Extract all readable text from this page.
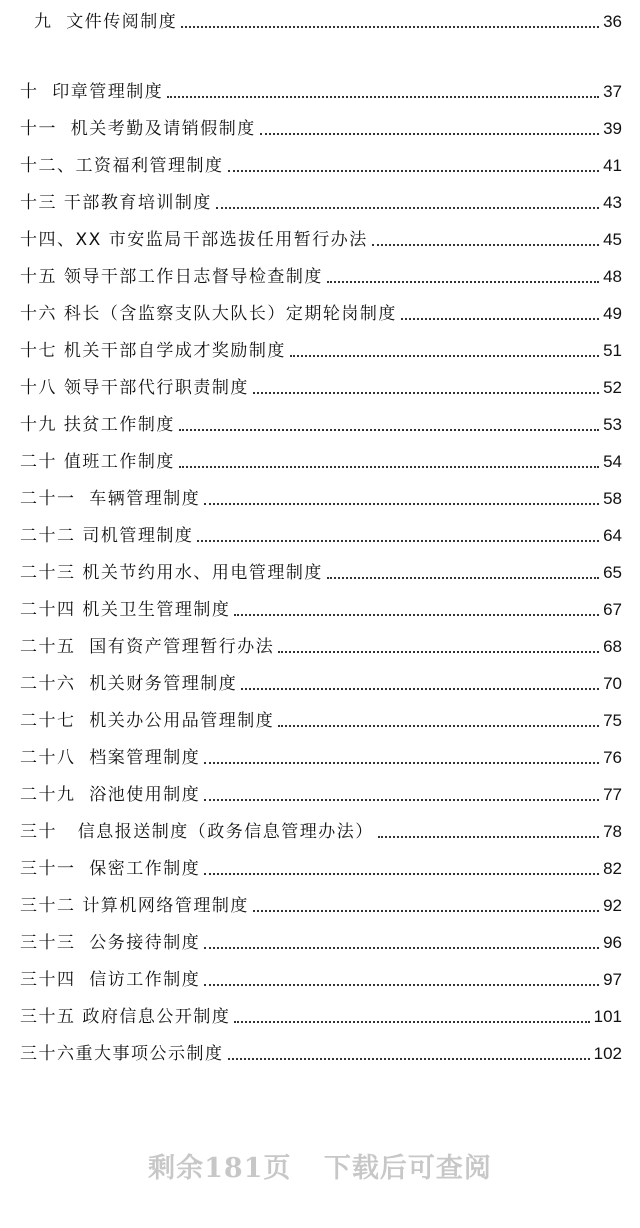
九  文件传阅制度	36
十  印章管理制度	37
十一  机关考勤及请销假制度	39
十二、工资福利管理制度	41
十三 干部教育培训制度	43
十四、XX 市安监局干部选拔任用暂行办法	45
十五 领导干部工作日志督导检查制度	48
十六 科长（含监察支队大队长）定期轮岗制度	49
十七 机关干部自学成才奖励制度	51
十八 领导干部代行职责制度	52
十九 扶贫工作制度	53
二十 值班工作制度	54
二十一  车辆管理制度	58
二十二 司机管理制度	64
二十三 机关节约用水、用电管理制度	65
二十四 机关卫生管理制度	67
二十五  国有资产管理暂行办法	68
二十六  机关财务管理制度	70
二十七  机关办公用品管理制度	75
二十八  档案管理制度	76
二十九  浴池使用制度	77
三十   信息报送制度（政务信息管理办法）	78
三十一  保密工作制度	82
三十二 计算机网络管理制度	92
三十三  公务接待制度	96
三十四  信访工作制度	97
三十五 政府信息公开制度	101
三十六重大事项公示制度	102
剩余181页 下载后可查阅
